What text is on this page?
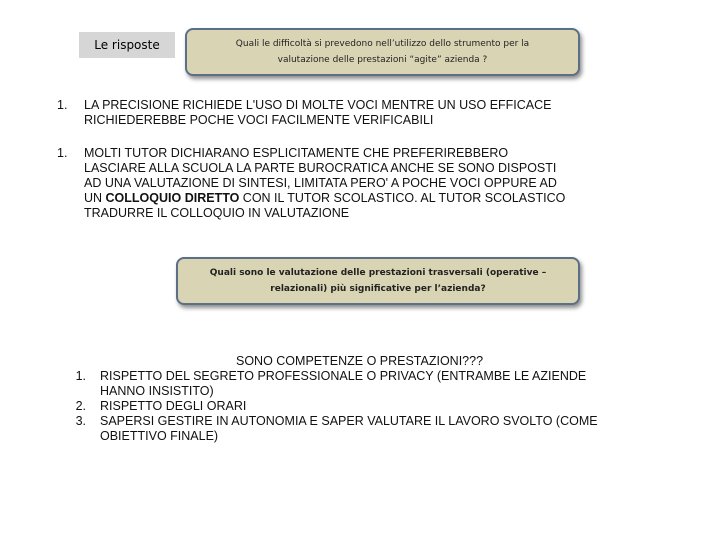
Le risposte	Quali le difficoltà si prevedono nell’utilizzo dello strumento per la
valutazione delle prestazioni “agite” azienda ?
1. LA PRECISIONE RICHIEDE L'USO DI MOLTE VOCI MENTRE UN USO EFFICACE
RICHIEDEREBBE POCHE VOCI FACILMENTE VERIFICABILI
1. MOLTI TUTOR DICHIARANO ESPLICITAMENTE CHE PREFERIREBBERO
LASCIARE ALLA SCUOLA LA PARTE BUROCRATICA ANCHE SE SONO DISPOSTI
AD UNA VALUTAZIONE DI SINTESI, LIMITATA PERO' A POCHE VOCI OPPURE AD
UN COLLOQUIO DIRETTO CON IL TUTOR SCOLASTICO. AL TUTOR SCOLASTICO
TRADURRE IL COLLOQUIO IN VALUTAZIONE
Quali sono le valutazione delle prestazioni trasversali (operative –
relazionali) più significative per l’azienda?
SONO COMPETENZE O PRESTAZIONI???
1. RISPETTO DEL SEGRETO PROFESSIONALE O PRIVACY (ENTRAMBE LE AZIENDE
HANNO INSISTITO)
2. RISPETTO DEGLI ORARI
3. SAPERSI GESTIRE IN AUTONOMIA E SAPER VALUTARE IL LAVORO SVOLTO (COME
OBIETTIVO FINALE)
